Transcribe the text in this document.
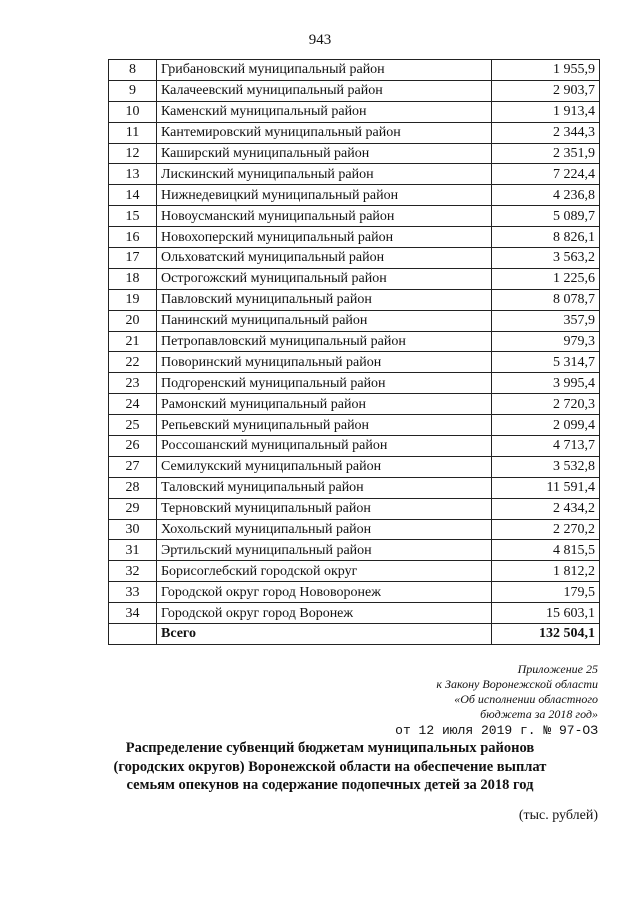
943
8	Грибановский муниципальный район	1 955,9
9	Калачеевский муниципальный район	2 903,7
10	Каменский муниципальный район	1 913,4
11	Кантемировский муниципальный район	2 344,3
12	Каширский муниципальный район	2 351,9
13	Лискинский муниципальный район	7 224,4
14	Нижнедевицкий муниципальный район	4 236,8
15	Новоусманский муниципальный район	5 089,7
16	Новохоперский муниципальный район	8 826,1
17	Ольховатский муниципальный район	3 563,2
18	Острогожский муниципальный район	1 225,6
19	Павловский муниципальный район	8 078,7
20	Панинский муниципальный район	357,9
21	Петропавловский муниципальный район	979,3
22	Поворинский муниципальный район	5 314,7
23	Подгоренский муниципальный район	3 995,4
24	Рамонский муниципальный район	2 720,3
25	Репьевский муниципальный район	2 099,4
26	Россошанский муниципальный район	4 713,7
27	Семилукский муниципальный район	3 532,8
28	Таловский муниципальный район	11 591,4
29	Терновский муниципальный район	2 434,2
30	Хохольский муниципальный район	2 270,2
31	Эртильский муниципальный район	4 815,5
32	Борисоглебский городской округ	1 812,2
33	Городской округ город Нововоронеж	179,5
34	Городской округ город Воронеж	15 603,1
	Всего	132 504,1
Приложение 25
к Закону Воронежской области
«Об исполнении областного
бюджета за 2018 год»
от 12 июля 2019 г. № 97-ОЗ
Распределение субвенций бюджетам муниципальных районов
(городских округов) Воронежской области на обеспечение выплат
семьям опекунов на содержание подопечных детей за 2018 год
(тыс. рублей)
